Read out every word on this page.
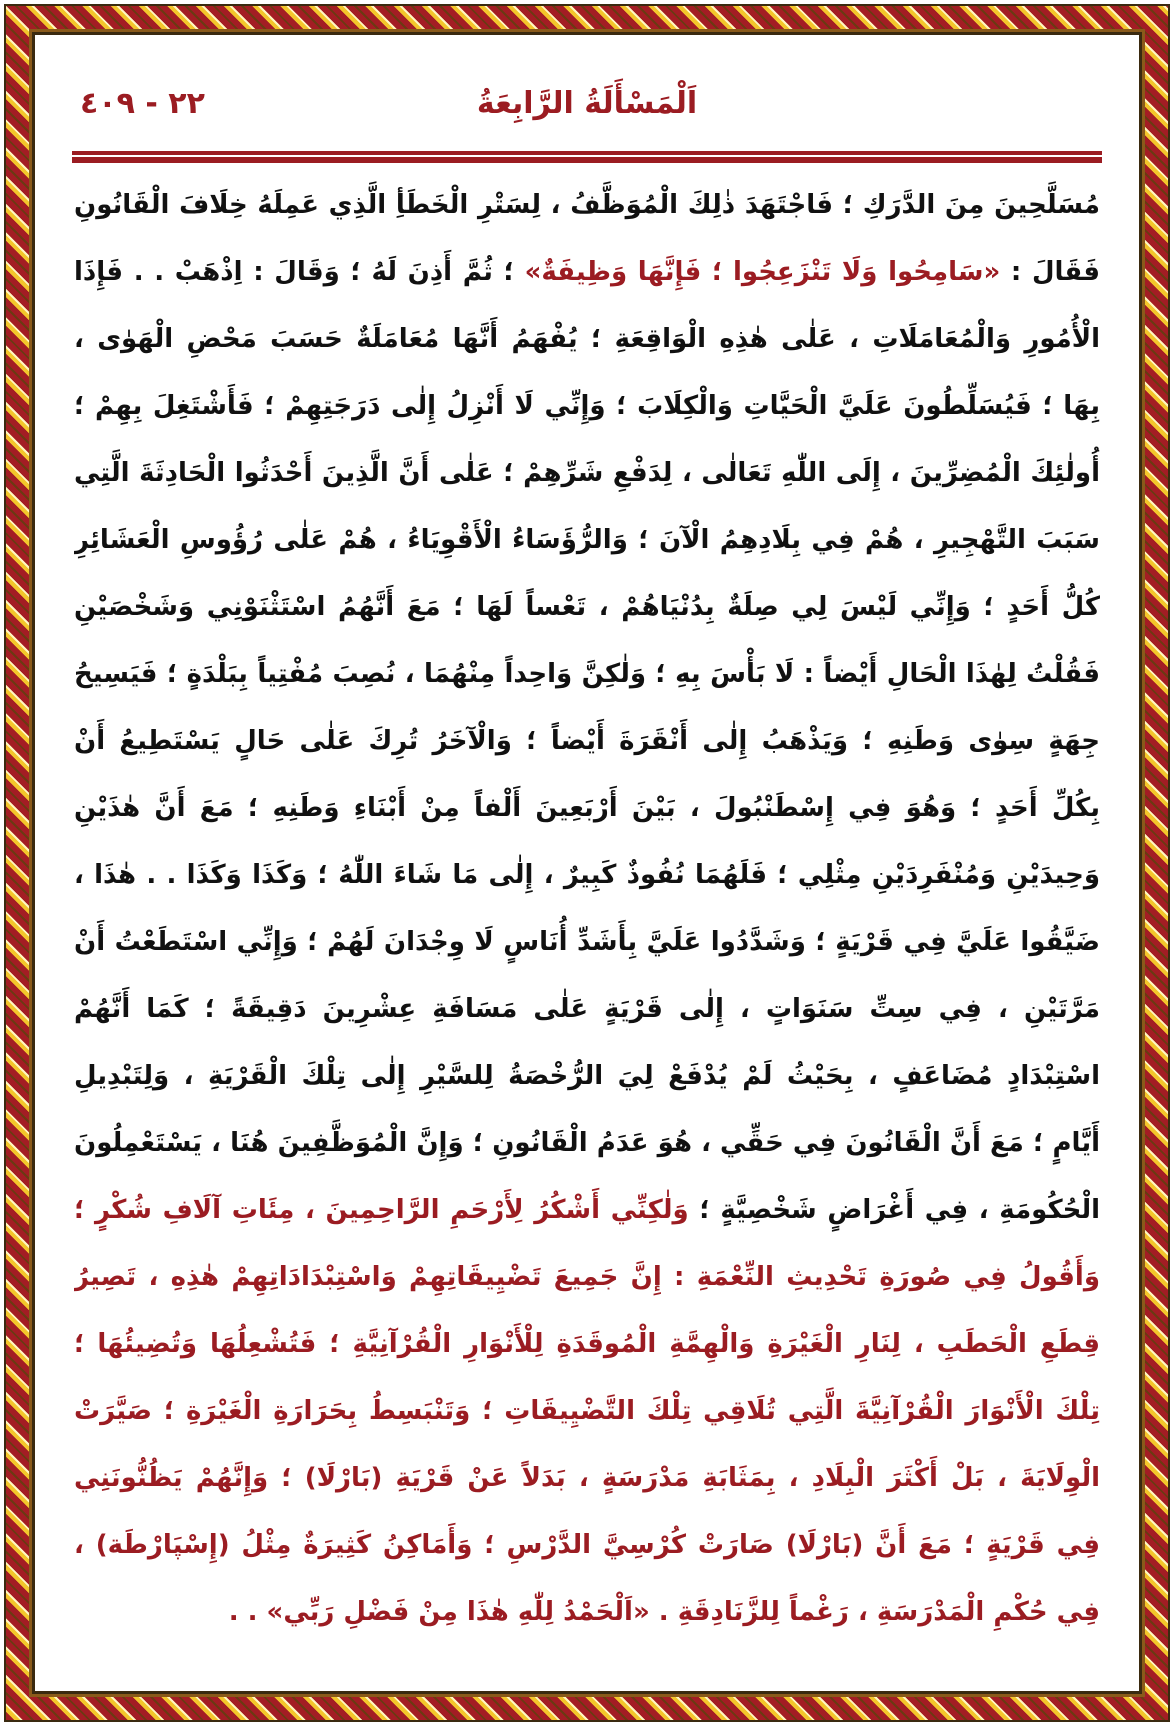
اَلْمَسْأَلَةُ الرَّابِعَةُ
٢٢ - ٤٠٩
مُسَلَّحِينَ مِنَ الدَّرَكِ ؛ فَاجْتَهَدَ ذٰلِكَ الْمُوَظَّفُ ، لِسَتْرِ الْخَطَأِ الَّذِي عَمِلَهُ خِلَافَ الْقَانُونِ
فَقَالَ : «سَامِحُوا وَلَا تَنْزَعِجُوا ؛ فَإِنَّهَا وَظِيفَةٌ» ؛ ثُمَّ أَذِنَ لَهُ ؛ وَقَالَ : اِذْهَبْ . . فَإِذَا
الْأُمُورِ وَالْمُعَامَلَاتِ ، عَلٰى هٰذِهِ الْوَاقِعَةِ ؛ يُفْهَمُ أَنَّهَا مُعَامَلَةٌ حَسَبَ مَحْضِ الْهَوٰى ،
بِهَا ؛ فَيُسَلِّطُونَ عَلَيَّ الْحَيَّاتِ وَالْكِلَابَ ؛ وَإِنِّي لَا أَنْزِلُ إِلٰى دَرَجَتِهِمْ ؛ فَأَشْتَغِلَ بِهِمْ ؛
أُولٰئِكَ الْمُضِرِّينَ ، إِلَى اللّٰهِ تَعَالٰى ، لِدَفْعِ شَرِّهِمْ ؛ عَلٰى أَنَّ الَّذِينَ أَحْدَثُوا الْحَادِثَةَ الَّتِي
سَبَبَ التَّهْجِيرِ ، هُمْ فِي بِلَادِهِمُ الْآنَ ؛ وَالرُّؤَسَاءُ الْأَقْوِيَاءُ ، هُمْ عَلٰى رُؤُوسِ الْعَشَائِرِ
كُلُّ أَحَدٍ ؛ وَإِنِّي لَيْسَ لِي صِلَةٌ بِدُنْيَاهُمْ ، تَعْساً لَهَا ؛ مَعَ أَنَّهُمُ اسْتَثْنَوْنِي وَشَخْصَيْنِ
فَقُلْتُ لِهٰذَا الْحَالِ أَيْضاً : لَا بَأْسَ بِهِ ؛ وَلٰكِنَّ وَاحِداً مِنْهُمَا ، نُصِبَ مُفْتِياً بِبَلْدَةٍ ؛ فَيَسِيحُ
جِهَةٍ سِوٰى وَطَنِهِ ؛ وَيَذْهَبُ إِلٰى أَنْقَرَةَ أَيْضاً ؛ وَالْآخَرُ تُرِكَ عَلٰى حَالٍ يَسْتَطِيعُ أَنْ
بِكُلِّ أَحَدٍ ؛ وَهُوَ فِي إِسْطَنْبُولَ ، بَيْنَ أَرْبَعِينَ أَلْفاً مِنْ أَبْنَاءِ وَطَنِهِ ؛ مَعَ أَنَّ هٰذَيْنِ
وَحِيدَيْنِ وَمُنْفَرِدَيْنِ مِثْلِي ؛ فَلَهُمَا نُفُوذٌ كَبِيرٌ ، إِلٰى مَا شَاءَ اللّٰهُ ؛ وَكَذَا وَكَذَا . . هٰذَا ،
ضَيَّقُوا عَلَيَّ فِي قَرْيَةٍ ؛ وَشَدَّدُوا عَلَيَّ بِأَشَدِّ أُنَاسٍ لَا وِجْدَانَ لَهُمْ ؛ وَإِنِّي اسْتَطَعْتُ أَنْ
مَرَّتَيْنِ ، فِي سِتِّ سَنَوَاتٍ ، إِلٰى قَرْيَةٍ عَلٰى مَسَافَةِ عِشْرِينَ دَقِيقَةً ؛ كَمَا أَنَّهُمْ
اسْتِبْدَادٍ مُضَاعَفٍ ، بِحَيْثُ لَمْ يُدْفَعْ لِيَ الرُّخْصَةُ لِلسَّيْرِ إِلٰى تِلْكَ الْقَرْيَةِ ، وَلِتَبْدِيلِ
أَيَّامٍ ؛ مَعَ أَنَّ الْقَانُونَ فِي حَقِّي ، هُوَ عَدَمُ الْقَانُونِ ؛ وَإِنَّ الْمُوَظَّفِينَ هُنَا ، يَسْتَعْمِلُونَ
الْحُكُومَةِ ، فِي أَغْرَاضٍ شَخْصِيَّةٍ ؛ وَلٰكِنِّي أَشْكُرُ لِأَرْحَمِ الرَّاحِمِينَ ، مِئَاتِ آلَافِ شُكْرٍ ؛
وَأَقُولُ فِي صُورَةِ تَحْدِيثِ النِّعْمَةِ : إِنَّ جَمِيعَ تَضْيِيقَاتِهِمْ وَاسْتِبْدَادَاتِهِمْ هٰذِهِ ، تَصِيرُ
قِطَعِ الْحَطَبِ ، لِنَارِ الْغَيْرَةِ وَالْهِمَّةِ الْمُوقَدَةِ لِلْأَنْوَارِ الْقُرْآنِيَّةِ ؛ فَتُشْعِلُهَا وَتُضِيئُهَا ؛
تِلْكَ الْأَنْوَارَ الْقُرْآنِيَّةَ الَّتِي تُلَاقِي تِلْكَ التَّضْيِيقَاتِ ؛ وَتَنْبَسِطُ بِحَرَارَةِ الْغَيْرَةِ ؛ صَيَّرَتْ
الْوِلَايَةَ ، بَلْ أَكْثَرَ الْبِلَادِ ، بِمَثَابَةِ مَدْرَسَةٍ ، بَدَلاً عَنْ قَرْيَةِ (بَارْلَا) ؛ وَإِنَّهُمْ يَظُنُّونَنِي
فِي قَرْيَةٍ ؛ مَعَ أَنَّ (بَارْلَا) صَارَتْ كُرْسِيَّ الدَّرْسِ ؛ وَأَمَاكِنُ كَثِيرَةٌ مِثْلُ (إِسْپَارْطَة) ،
فِي حُكْمِ الْمَدْرَسَةِ ، رَغْماً لِلزَّنَادِقَةِ . «اَلْحَمْدُ لِلّٰهِ هٰذَا مِنْ فَضْلِ رَبِّي» . .
